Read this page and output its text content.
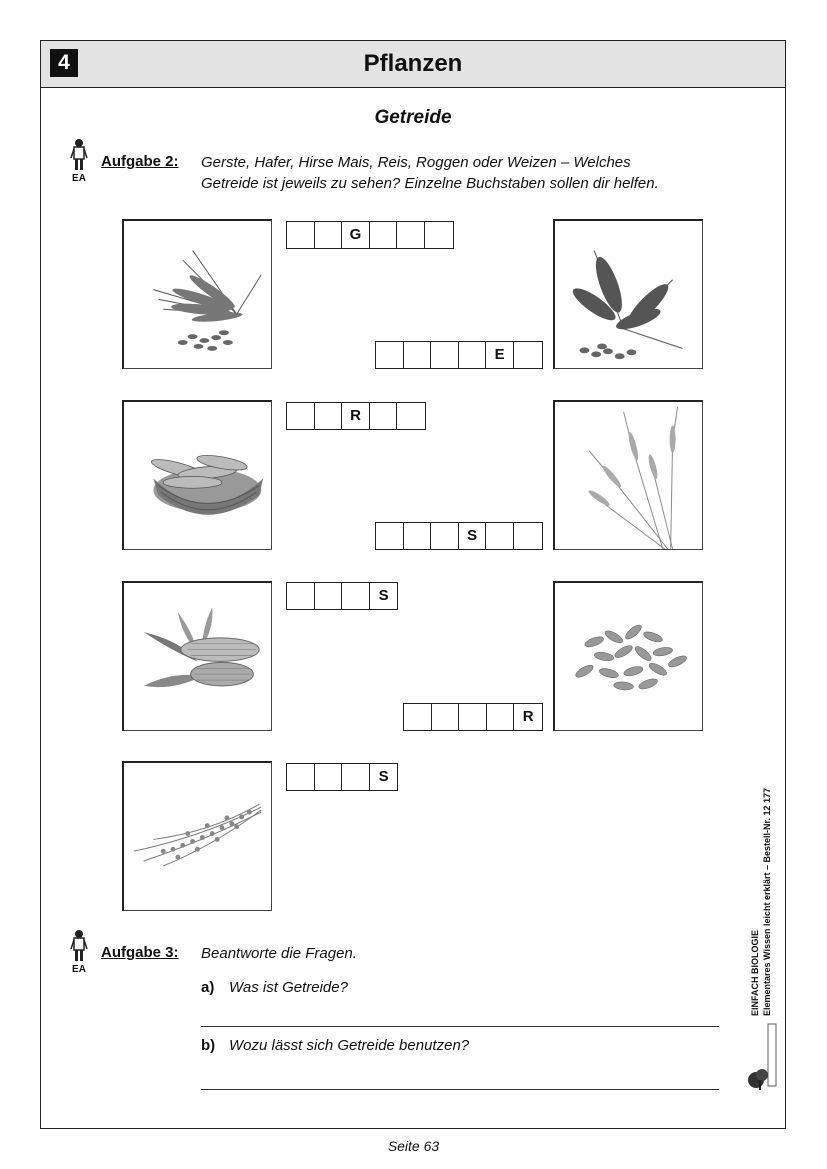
4	Pflanzen
Getreide
EA
Aufgabe 2: Gerste, Hafer, Hirse Mais, Reis, Roggen oder Weizen – Welches
Getreide ist jeweils zu sehen? Einzelne Buchstaben sollen dir helfen.
G
E
R
S
S
R
S
EA
Aufgabe 3: Beantworte die Fragen.
a) Was ist Getreide?
b) Wozu lässt sich Getreide benutzen?
EINFACH BIOLOGIE Elementares Wissen leicht erklärt – Bestell-Nr. 12 177
Seite 63
